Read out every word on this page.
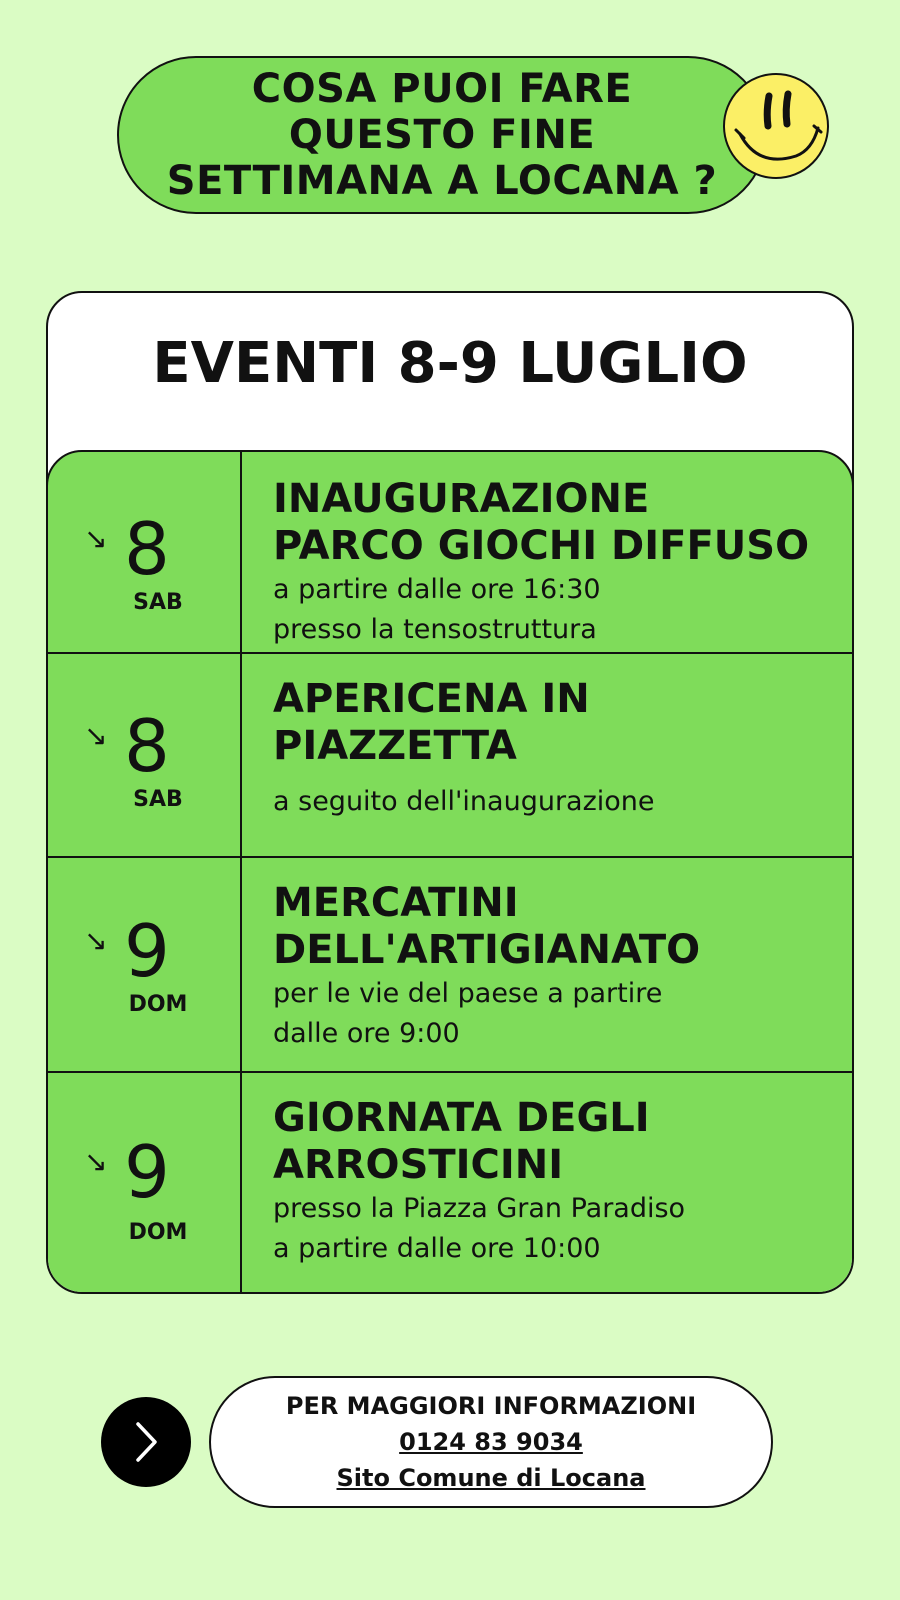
COSA PUOI FARE
QUESTO FINE
SETTIMANA A LOCANA ?
EVENTI 8-9 LUGLIO
↘ 8
SAB
INAUGURAZIONE
PARCO GIOCHI DIFFUSO
a partire dalle ore 16:30
presso la tensostruttura
↘ 8
SAB
APERICENA IN
PIAZZETTA
a seguito dell'inaugurazione
↘ 9
DOM
MERCATINI
DELL'ARTIGIANATO
per le vie del paese a partire
dalle ore 9:00
↘ 9
DOM
GIORNATA DEGLI
ARROSTICINI
presso la Piazza Gran Paradiso
a partire dalle ore 10:00
PER MAGGIORI INFORMAZIONI
0124 83 9034
Sito Comune di Locana
